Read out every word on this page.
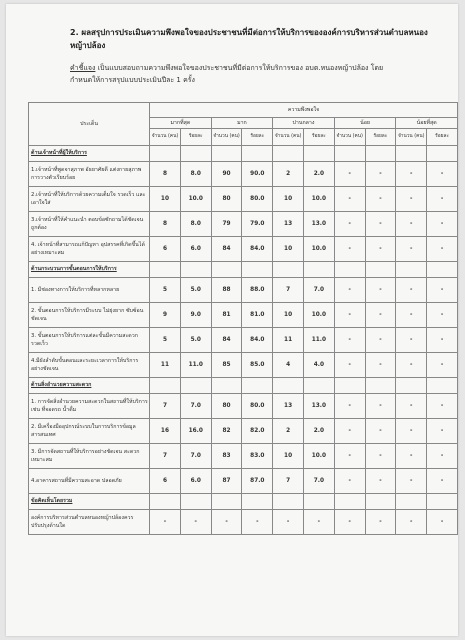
2. ผลสรุปการประเมินความพึงพอใจของประชาชนที่มีต่อการให้บริการขององค์การบริหารส่วนตำบลหนอง
หญ้าปล้อง
คำชี้แจง เป็นแบบสอบถามความพึงพอใจของประชาชนที่มีต่อการให้บริการของ อบต.หนองหญ้าปล้อง โดย
กำหนดให้การสรุปแบบประเมินปีละ 1 ครั้ง
ประเด็น	ความพึงพอใจ									
	มากที่สุด		มาก		ปานกลาง		น้อย		น้อยที่สุด	
	จำนวน (คน)	ร้อยละ	จำนวน (คน)	ร้อยละ	จำนวน (คน)	ร้อยละ	จำนวน (คน)	ร้อยละ	จำนวน (คน)	ร้อยละ
ด้านเจ้าหน้าที่ผู้ให้บริการ										
1.เจ้าหน้าที่พูดจาสุภาพ อัธยาศัยดี แต่งกายสุภาพ การวางตัวเรียบร้อย	8	8.0	90	90.0	2	2.0	-	-	-	-
2.เจ้าหน้าที่ให้บริการด้วยความเต็มใจ รวดเร็ว และเอาใจใส่	10	10.0	80	80.0	10	10.0	-	-	-	-
3.เจ้าหน้าที่ให้คำแนะนำ ตอบข้อซักถามได้ชัดเจนถูกต้อง	8	8.0	79	79.0	13	13.0	-	-	-	-
4. เจ้าหน้าที่สามารถแก้ปัญหา อุปสรรคที่เกิดขึ้นได้อย่างเหมาะสม	6	6.0	84	84.0	10	10.0	-	-	-	-
ด้านกระบวนการขั้นตอนการให้บริการ										
1. มีช่องทางการให้บริการที่หลากหลาย	5	5.0	88	88.0	7	7.0	-	-	-	-
2. ขั้นตอนการให้บริการมีระบบ ไม่ยุ่งยาก ซับซ้อน ชัดเจน	9	9.0	81	81.0	10	10.0	-	-	-	-
3. ขั้นตอนการให้บริการแต่ละขั้นมีความสะดวก รวดเร็ว	5	5.0	84	84.0	11	11.0	-	-	-	-
4.มีผังลำดับขั้นตอนและระยะเวลาการให้บริการอย่างชัดเจน	11	11.0	85	85.0	4	4.0	-	-	-	-
ด้านสิ่งอำนวยความสะดวก										
1. การจัดสิ่งอำนวยความสะดวกในสถานที่ให้บริการ เช่น ที่จอดรถ น้ำดื่ม	7	7.0	80	80.0	13	13.0	-	-	-	-
2. มีเครื่องมืออุปกรณ์ระบบในการบริการข้อมูลสารสนเทศ	16	16.0	82	82.0	2	2.0	-	-	-	-
3. มีการจัดสถานที่ให้บริการอย่างชัดเจน สะดวก เหมาะสม	7	7.0	83	83.0	10	10.0	-	-	-	-
4.อาคารสถานที่มีความสะอาด ปลอดภัย	6	6.0	87	87.0	7	7.0	-	-	-	-
ข้อคิดเห็นโดยรวม										
องค์การบริหารส่วนตำบลหนองหญ้าปล้องควรปรับปรุงด้านใด	-	-	-	-	-	-	-	-	-	-
